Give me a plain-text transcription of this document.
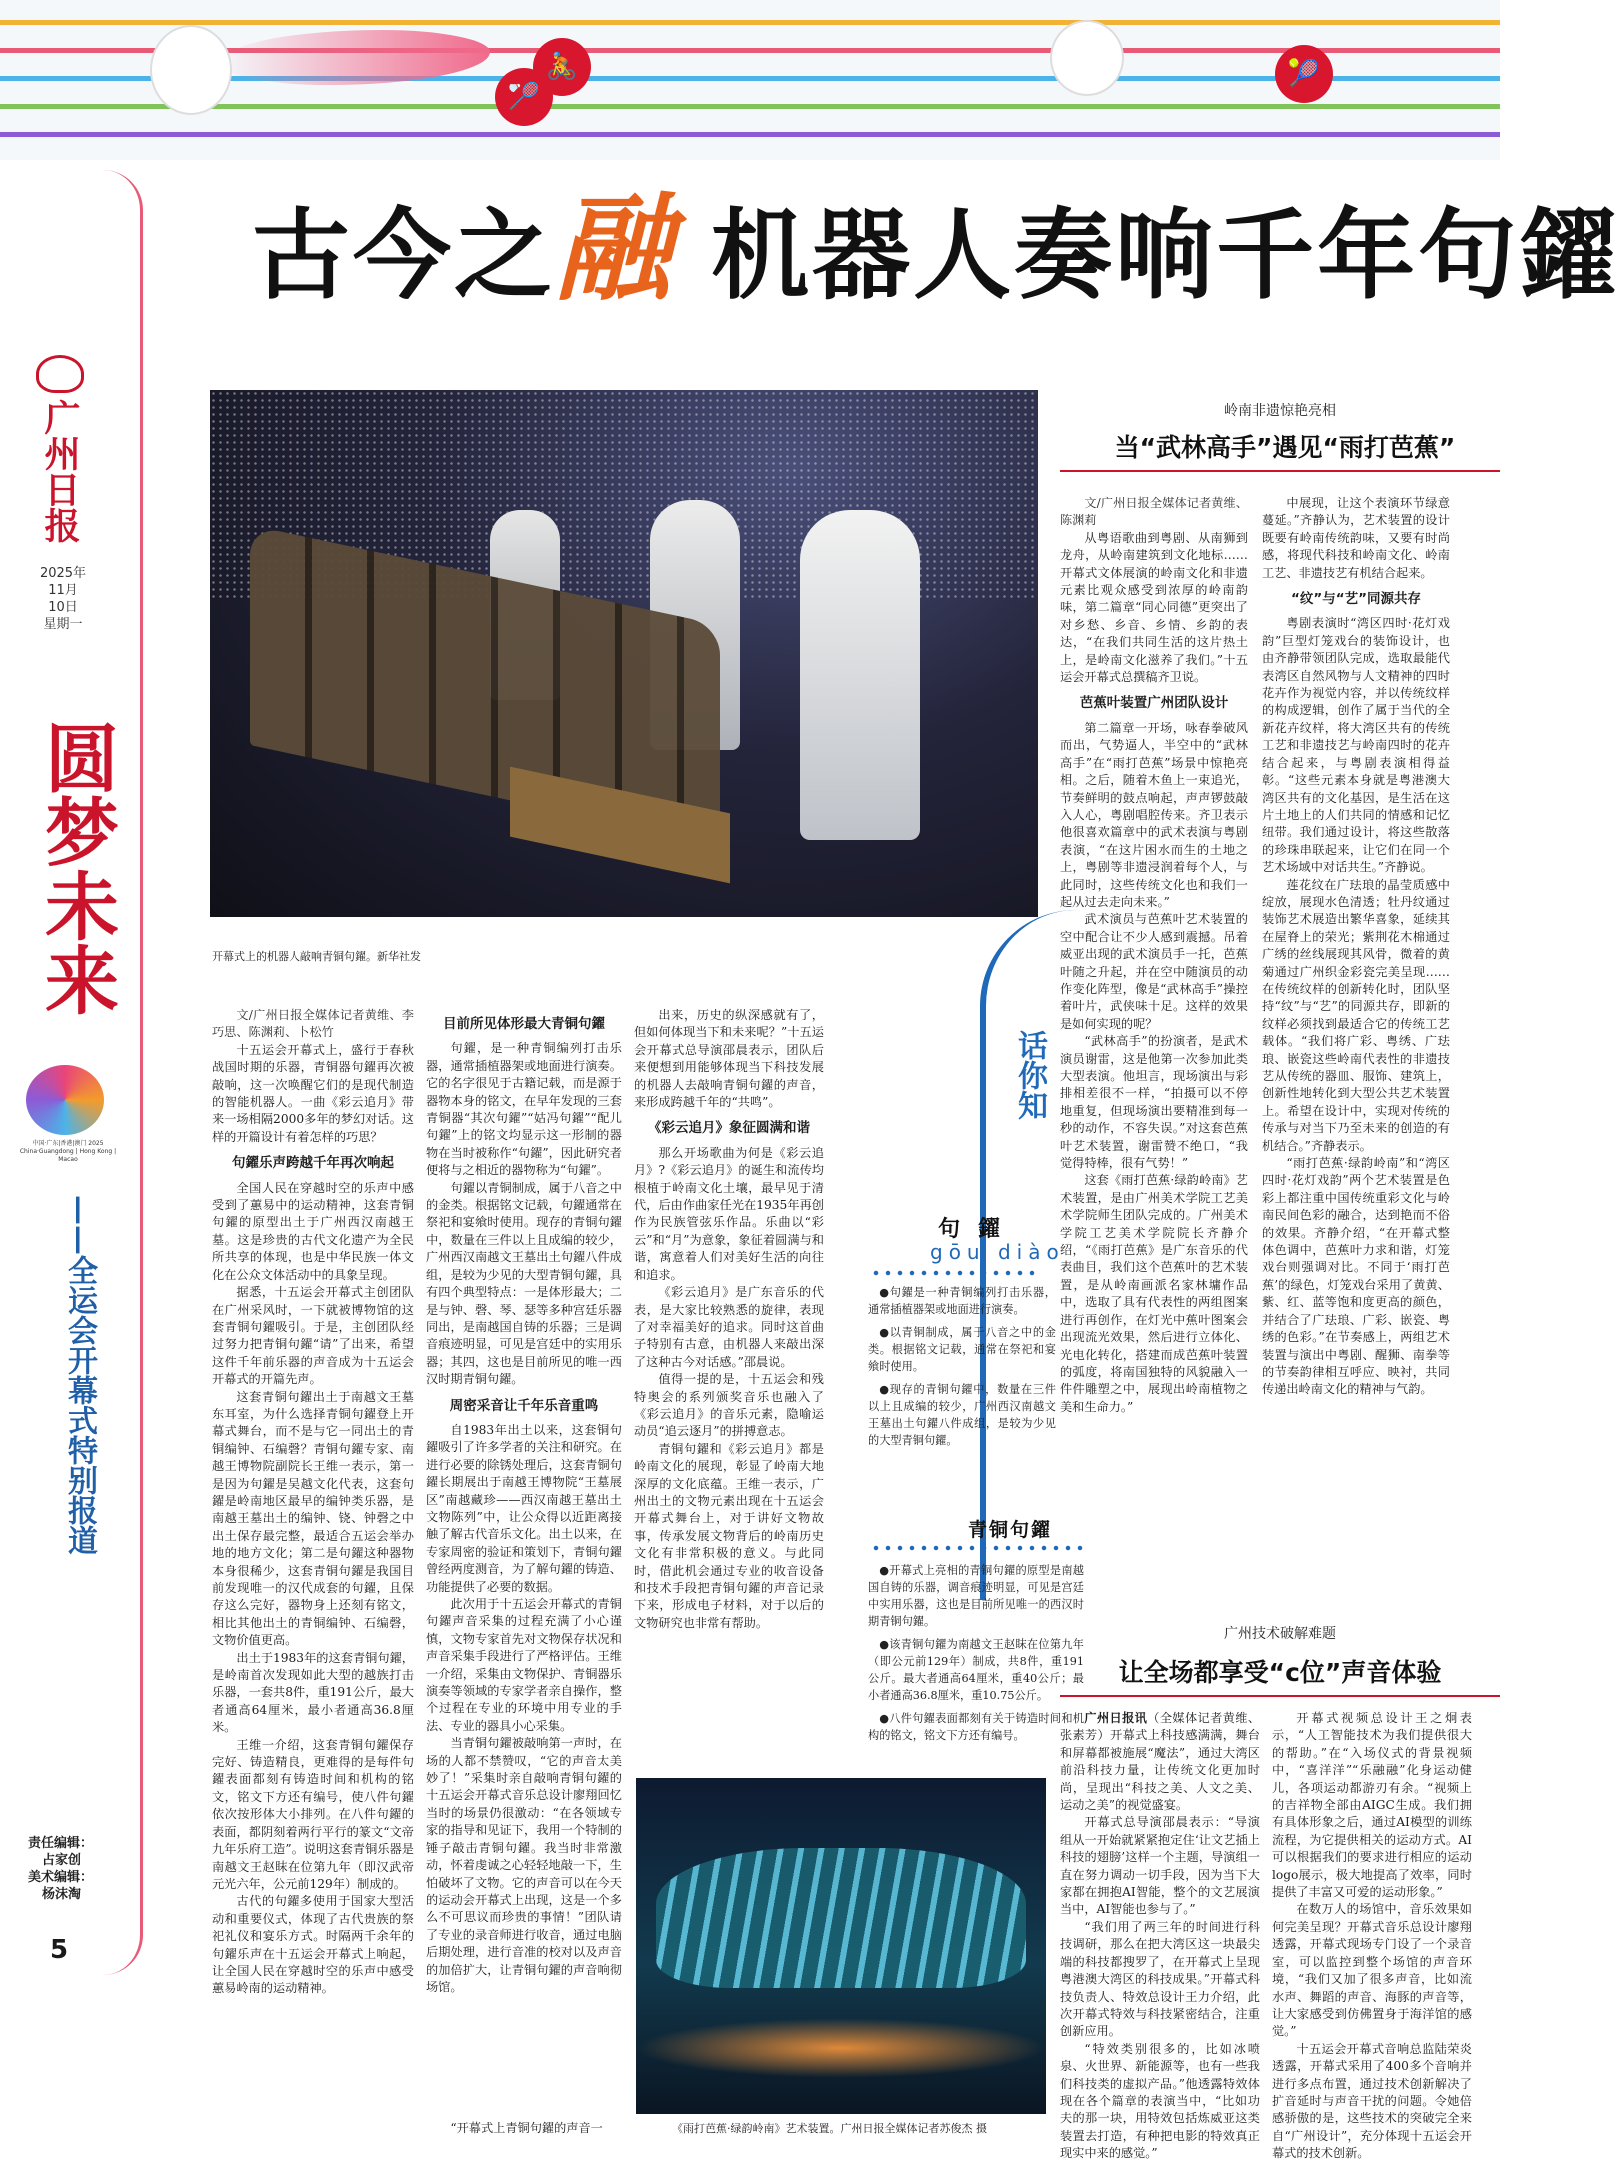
🏸
🚴	🎾
广州日报
2025年
11月
10日
星期一
圆梦未来
中国·广东|香港|澳门 2025
China·Guangdong | Hong Kong | Macao
——全运会开幕式特别报道
责任编辑：
占家创
美术编辑：
杨沫淘
5
古今之融 机器人奏响千年句鑃
开幕式上的机器人敲响青铜句鑃。新华社发
岭南非遗惊艳亮相
当“武林高手”遇见“雨打芭蕉”

文/广州日报全媒体记者黄维、陈渊莉

从粤语歌曲到粤剧、从南狮到龙舟，从岭南建筑到文化地标……开幕式文体展演的岭南文化和非遗元素比观众感受到浓厚的岭南韵味，第二篇章“同心同德”更突出了对乡愁、乡音、乡情、乡韵的表达，“在我们共同生活的这片热土上，是岭南文化滋养了我们。”十五运会开幕式总撰稿齐卫说。

芭蕉叶装置广州团队设计

第二篇章一开场，咏春拳破风而出，气势逼人，半空中的“武林高手”在“雨打芭蕉”场景中惊艳亮相。之后，随着木鱼上一束追光，节奏鲜明的鼓点响起，声声锣鼓敲入人心，粤剧唱腔传来。齐卫表示他很喜欢篇章中的武术表演与粤剧表演，“在这片困水而生的土地之上，粤剧等非遗浸润着每个人，与此同时，这些传统文化也和我们一起从过去走向未来。”

武术演员与芭蕉叶艺术装置的空中配合让不少人感到震撼。吊着威亚出现的武术演员手一托，芭蕉叶随之升起，并在空中随演员的动作变化阵型，像是“武林高手”操控着叶片，武侠味十足。这样的效果是如何实现的呢？

“武林高手”的扮演者，是武术演员谢雷，这是他第一次参加此类大型表演。他坦言，现场演出与彩排相差很不一样，“拍摄可以不停地重复，但现场演出要精准到每一秒的动作，不容失误。”对这套芭蕉叶艺术装置，谢雷赞不绝口，“我觉得特棒，很有气势！”

这套《雨打芭蕉·绿韵岭南》艺术装置，是由广州美术学院工艺美术学院师生团队完成的。广州美术学院工艺美术学院院长齐静介绍，“《雨打芭蕉》是广东音乐的代表曲目，我们这个芭蕉叶的艺术装置，是从岭南画派名家林墉作品中，选取了具有代表性的两组图案进行再创作，在灯光中蕉叶图案会出现流光效果，然后进行立体化、光电化转化，搭建而成芭蕉叶装置的弧度，将南国独特的风貌融入一件件雕塑之中，展现出岭南植物之美和生命力。”

中展现，让这个表演环节绿意蔓延。”齐静认为，艺术装置的设计既要有岭南传统韵味，又要有时尚感，将现代科技和岭南文化、岭南工艺、非遗技艺有机结合起来。

“纹”与“艺”同源共存

粤剧表演时“湾区四时·花灯戏韵”巨型灯笼戏台的装饰设计，也由齐静带领团队完成，选取最能代表湾区自然风物与人文精神的四时花卉作为视觉内容，并以传统纹样的构成逻辑，创作了属于当代的全新花卉纹样，将大湾区共有的传统工艺和非遗技艺与岭南四时的花卉结合起来，与粤剧表演相得益彰。“这些元素本身就是粤港澳大湾区共有的文化基因，是生活在这片土地上的人们共同的情感和记忆纽带。我们通过设计，将这些散落的珍珠串联起来，让它们在同一个艺术场域中对话共生。”齐静说。

莲花纹在广珐琅的晶莹质感中绽放，展现水色清透；牡丹纹通过装饰艺术展造出繁华喜象，延续其在屋脊上的荣光；紫荆花木棉通过广绣的丝线展现其风骨，微着的黄菊通过广州织金彩瓷完美呈现……在传统纹样的创新转化时，团队坚持“纹”与“艺”的同源共存，即新的纹样必须找到最适合它的传统工艺载体。“我们将广彩、粤绣、广珐琅、嵌瓷这些岭南代表性的非遗技艺从传统的器皿、服饰、建筑上，创新性地转化到大型公共艺术装置上。希望在设计中，实现对传统的传承与对当下乃至未来的创造的有机结合。”齐静表示。

“雨打芭蕉·绿韵岭南”和“湾区四时·花灯戏韵”两个艺术装置是色彩上都注重中国传统重彩文化与岭南民间色彩的融合，达到艳而不俗的效果。齐静介绍，“在开幕式整体色调中，芭蕉叶力求和谐，灯笼戏台则强调对比。不同于‘雨打芭蕉’的绿色，灯笼戏台采用了黄黄、紫、红、蓝等饱和度更高的颜色，并结合了广珐琅、广彩、嵌瓷、粤绣的色彩。”在节奏感上，两组艺术装置与演出中粤剧、醒狮、南拳等的节奏韵律相互呼应、映衬，共同传递出岭南文化的精神与气韵。

文/广州日报全媒体记者黄维、李巧思、陈渊莉、卜松竹

十五运会开幕式上，盛行于春秋战国时期的乐器，青铜器句鑃再次被敲响，这一次唤醒它们的是现代制造的智能机器人。一曲《彩云追月》带来一场相隔2000多年的梦幻对话。这样的开篇设计有着怎样的巧思？

句鑃乐声跨越千年再次响起

全国人民在穿越时空的乐声中感受到了蕙易中的运动精神，这套青铜句鑃的原型出土于广州西汉南越王墓。这是珍贵的古代文化遗产为全民所共享的体现，也是中华民族一体文化在公众文体活动中的具象呈现。

据悉，十五运会开幕式主创团队在广州采风时，一下就被博物馆的这套青铜句鑃吸引。于是，主创团队经过努力把青铜句鑃“请”了出来，希望这件千年前乐器的声音成为十五运会开幕式的开篇先声。

这套青铜句鑃出土于南越文王墓东耳室，为什么选择青铜句鑃登上开幕式舞台，而不是与它一同出土的青铜编钟、石编磬？青铜句鑃专家、南越王博物院副院长王维一表示，第一是因为句鑃是吴越文化代表，这套句鑃是岭南地区最早的编钟类乐器，是南越王墓出土的编钟、铙、钟磬之中出土保存最完整，最适合五运会举办地的地方文化；第二是句鑃这种器物本身很稀少，这套青铜句鑃是我国目前发现唯一的汉代成套的句鑃，且保存这么完好，器物身上还刻有铭文，相比其他出土的青铜编钟、石编磬，文物价值更高。

出土于1983年的这套青铜句鑃，是岭南首次发现如此大型的越族打击乐器，一套共8件，重191公斤，最大者通高64厘米，最小者通高36.8厘米。

王维一介绍，这套青铜句鑃保存完好、铸造精良，更难得的是每件句鑃表面都刻有铸造时间和机构的铭文，铭文下方还有编号，使八件句鑃依次按形体大小排列。在八件句鑃的表面，都阴刻着两行平行的篆文“文帝九年乐府工造”。说明这套青铜乐器是南越文王赵眜在位第九年（即汉武帝元光六年，公元前129年）制成的。

古代的句鑃多使用于国家大型活动和重要仪式，体现了古代贵族的祭祀礼仪和宴乐方式。时隔两千余年的句鑃乐声在十五运会开幕式上响起，让全国人民在穿越时空的乐声中感受蕙易岭南的运动精神。

目前所见体形最大青铜句鑃

句鑃，是一种青铜编列打击乐器，通常插植器架或地面进行演奏。它的名字很见于古籍记载，而是源于器物本身的铭文，在早年发现的三套青铜器“其次句鑃”“姑冯句鑃”“配儿句鑃”上的铭文均显示这一形制的器物在当时被称作“句鑃”，因此研究者便将与之相近的器物称为“句鑃”。

句鑃以青铜制成，属于八音之中的金类。根据铭文记载，句鑃通常在祭祀和宴飨时使用。现存的青铜句鑃中，数量在三件以上且成编的较少，广州西汉南越文王墓出土句鑃八件成组，是较为少见的大型青铜句鑃，具有四个典型特点：一是体形最大；二是与钟、磬、琴、瑟等多种宫廷乐器同出，是南越国自铸的乐器；三是调音痕迹明显，可见是宫廷中的实用乐器；其四，这也是目前所见的唯一西汉时期青铜句鑃。

周密采音让千年乐音重鸣

自1983年出土以来，这套铜句鑃吸引了许多学者的关注和研究。在进行必要的除锈处理后，这套青铜句鑃长期展出于南越王博物院“王墓展区”南越藏珍——西汉南越王墓出土文物陈列”中，让公众得以近距离接触了解古代音乐文化。出土以来，在专家周密的验证和策划下，青铜句鑃曾经两度测音，为了解句鑃的铸造、功能提供了必要的数据。

此次用于十五运会开幕式的青铜句鑃声音采集的过程充满了小心谨慎，文物专家首先对文物保存状况和声音采集手段进行了严格评估。王维一介绍，采集由文物保护、青铜器乐演奏等领域的专家学者亲自操作，整个过程在专业的环境中用专业的手法、专业的器具小心采集。

当青铜句鑃被敲响第一声时，在场的人都不禁赞叹，“它的声音太美妙了！”采集时亲自敲响青铜句鑃的十五运会开幕式音乐总设计廖翔回忆当时的场景仍很激动：“在各领域专家的指导和见证下，我用一个特制的锤子敲击青铜句鑃。我当时非常激动，怀着虔诚之心轻轻地敲一下，生怕破坏了文物。它的声音可以在今天的运动会开幕式上出现，这是一个多么不可思议而珍贵的事情！”团队请了专业的录音师进行收音，通过电脑后期处理，进行音准的校对以及声音的加倍扩大，让青铜句鑃的声音响彻场馆。

出来，历史的纵深感就有了，但如何体现当下和未来呢？”十五运会开幕式总导演邵晨表示，团队后来便想到用能够体现当下科技发展的机器人去敲响青铜句鑃的声音，来形成跨越千年的“共鸣”。

《彩云追月》象征圆满和谐

那么开场歌曲为何是《彩云追月》?《彩云追月》的诞生和流传均根植于岭南文化土壤，最早见于清代，后由作曲家任光在1935年再创作为民族管弦乐作品。乐曲以“彩云”和“月”为意象，象征着圆满与和谐，寓意着人们对美好生活的向往和追求。

《彩云追月》是广东音乐的代表，是大家比较熟悉的旋律，表现了对幸福美好的追求。同时这首曲子特别有古意，由机器人来敲出深了这种古今对话感。”邵晨说。

值得一提的是，十五运会和残特奥会的系列颁奖音乐也融入了《彩云追月》的音乐元素，隐喻运动员“追云逐月”的拼搏意志。

青铜句鑃和《彩云追月》都是岭南文化的展现，彰显了岭南大地深厚的文化底蕴。王维一表示，广州出土的文物元素出现在十五运会开幕式舞台上，对于讲好文物故事，传承发展文物背后的岭南历史文化有非常积极的意义。与此同时，借此机会通过专业的收音设备和技术手段把青铜句鑃的声音记录下来，形成电子材料，对于以后的文物研究也非常有帮助。

“开幕式上青铜句鑃的声音一

话你知
句鑃
gōu diào
●句鑃是一种青铜编列打击乐器，通常插植器架或地面进行演奏。
●以青铜制成，属于八音之中的金类。根据铭文记载，通常在祭祀和宴飨时使用。
●现存的青铜句鑃中，数量在三件以上且成编的较少，广州西汉南越文王墓出土句鑃八件成组，是较为少见的大型青铜句鑃。
青铜句鑃
●开幕式上亮相的青铜句鑃的原型是南越国自铸的乐器，调音痕迹明显，可见是宫廷中实用乐器，这也是目前所见唯一的西汉时期青铜句鑃。
●该青铜句鑃为南越文王赵眜在位第九年（即公元前129年）制成，共8件，重191公斤。最大者通高64厘米，重40公斤；最小者通高36.8厘米，重10.75公斤。
●八件句鑃表面都刻有关于铸造时间和机构的铭文，铭文下方还有编号。
《雨打芭蕉·绿韵岭南》艺术装置。广州日报全媒体记者苏俊杰 摄
广州技术破解难题
让全场都享受“c位”声音体验

广州日报讯（全媒体记者黄维、张素芳）开幕式上科技感满满，舞台和屏幕都被施展“魔法”，通过大湾区前沿科技力量，让传统文化更加时尚，呈现出“科技之美、人文之美、运动之美”的视觉盛宴。

开幕式总导演邵晨表示：“导演组从一开始就紧紧抱定住‘让文艺插上科技的翅膀’这样一个主题，导演组一直在努力调动一切手段，因为当下大家都在拥抱AI智能，整个的文艺展演当中，AI智能也参与了。”

“我们用了两三年的时间进行科技调研，那么在把大湾区这一块最尖端的科技都搜罗了，在开幕式上呈现粤港澳大湾区的科技成果。”开幕式科技负责人、特效总设计王力介绍，此次开幕式特效与科技紧密结合，注重创新应用。

“特效类别很多的，比如冰喷泉、火世界、新能源等，也有一些我们科技类的虚拟产品。”他透露特效体现在各个篇章的表演当中，“比如功夫的那一块，用特效包括炼威亚这类装置去打造，有种把电影的特效真正现实中来的感觉。”

开幕式视频总设计王之炯表示，“人工智能技术为我们提供很大的帮助。”在“入场仪式的背景视频中，“喜洋洋”“乐融融”化身运动健儿，各项运动都游刃有余。“视频上的吉祥物全部由AIGC生成。我们拥有具体形象之后，通过AI模型的训练流程，为它提供相关的运动方式。AI可以根据我们的要求进行相应的运动logo展示，极大地提高了效率，同时提供了丰富又可爱的运动形象。”

在数万人的场馆中，音乐效果如何完美呈现？开幕式音乐总设计廖翔透露，开幕式现场专门设了一个录音室，可以监控到整个场馆的声音环境，“我们又加了很多声音，比如流水声、舞蹈的声音、海豚的声音等，让大家感受到仿佛置身于海洋馆的感觉。”

十五运会开幕式音响总监陆荣炎透露，开幕式采用了400多个音响并进行多点布置，通过技术创新解决了扩音延时与声音干扰的问题。令她倍感骄傲的是，这些技术的突破完全来自“广州设计”，充分体现十五运会开幕式的技术创新。
